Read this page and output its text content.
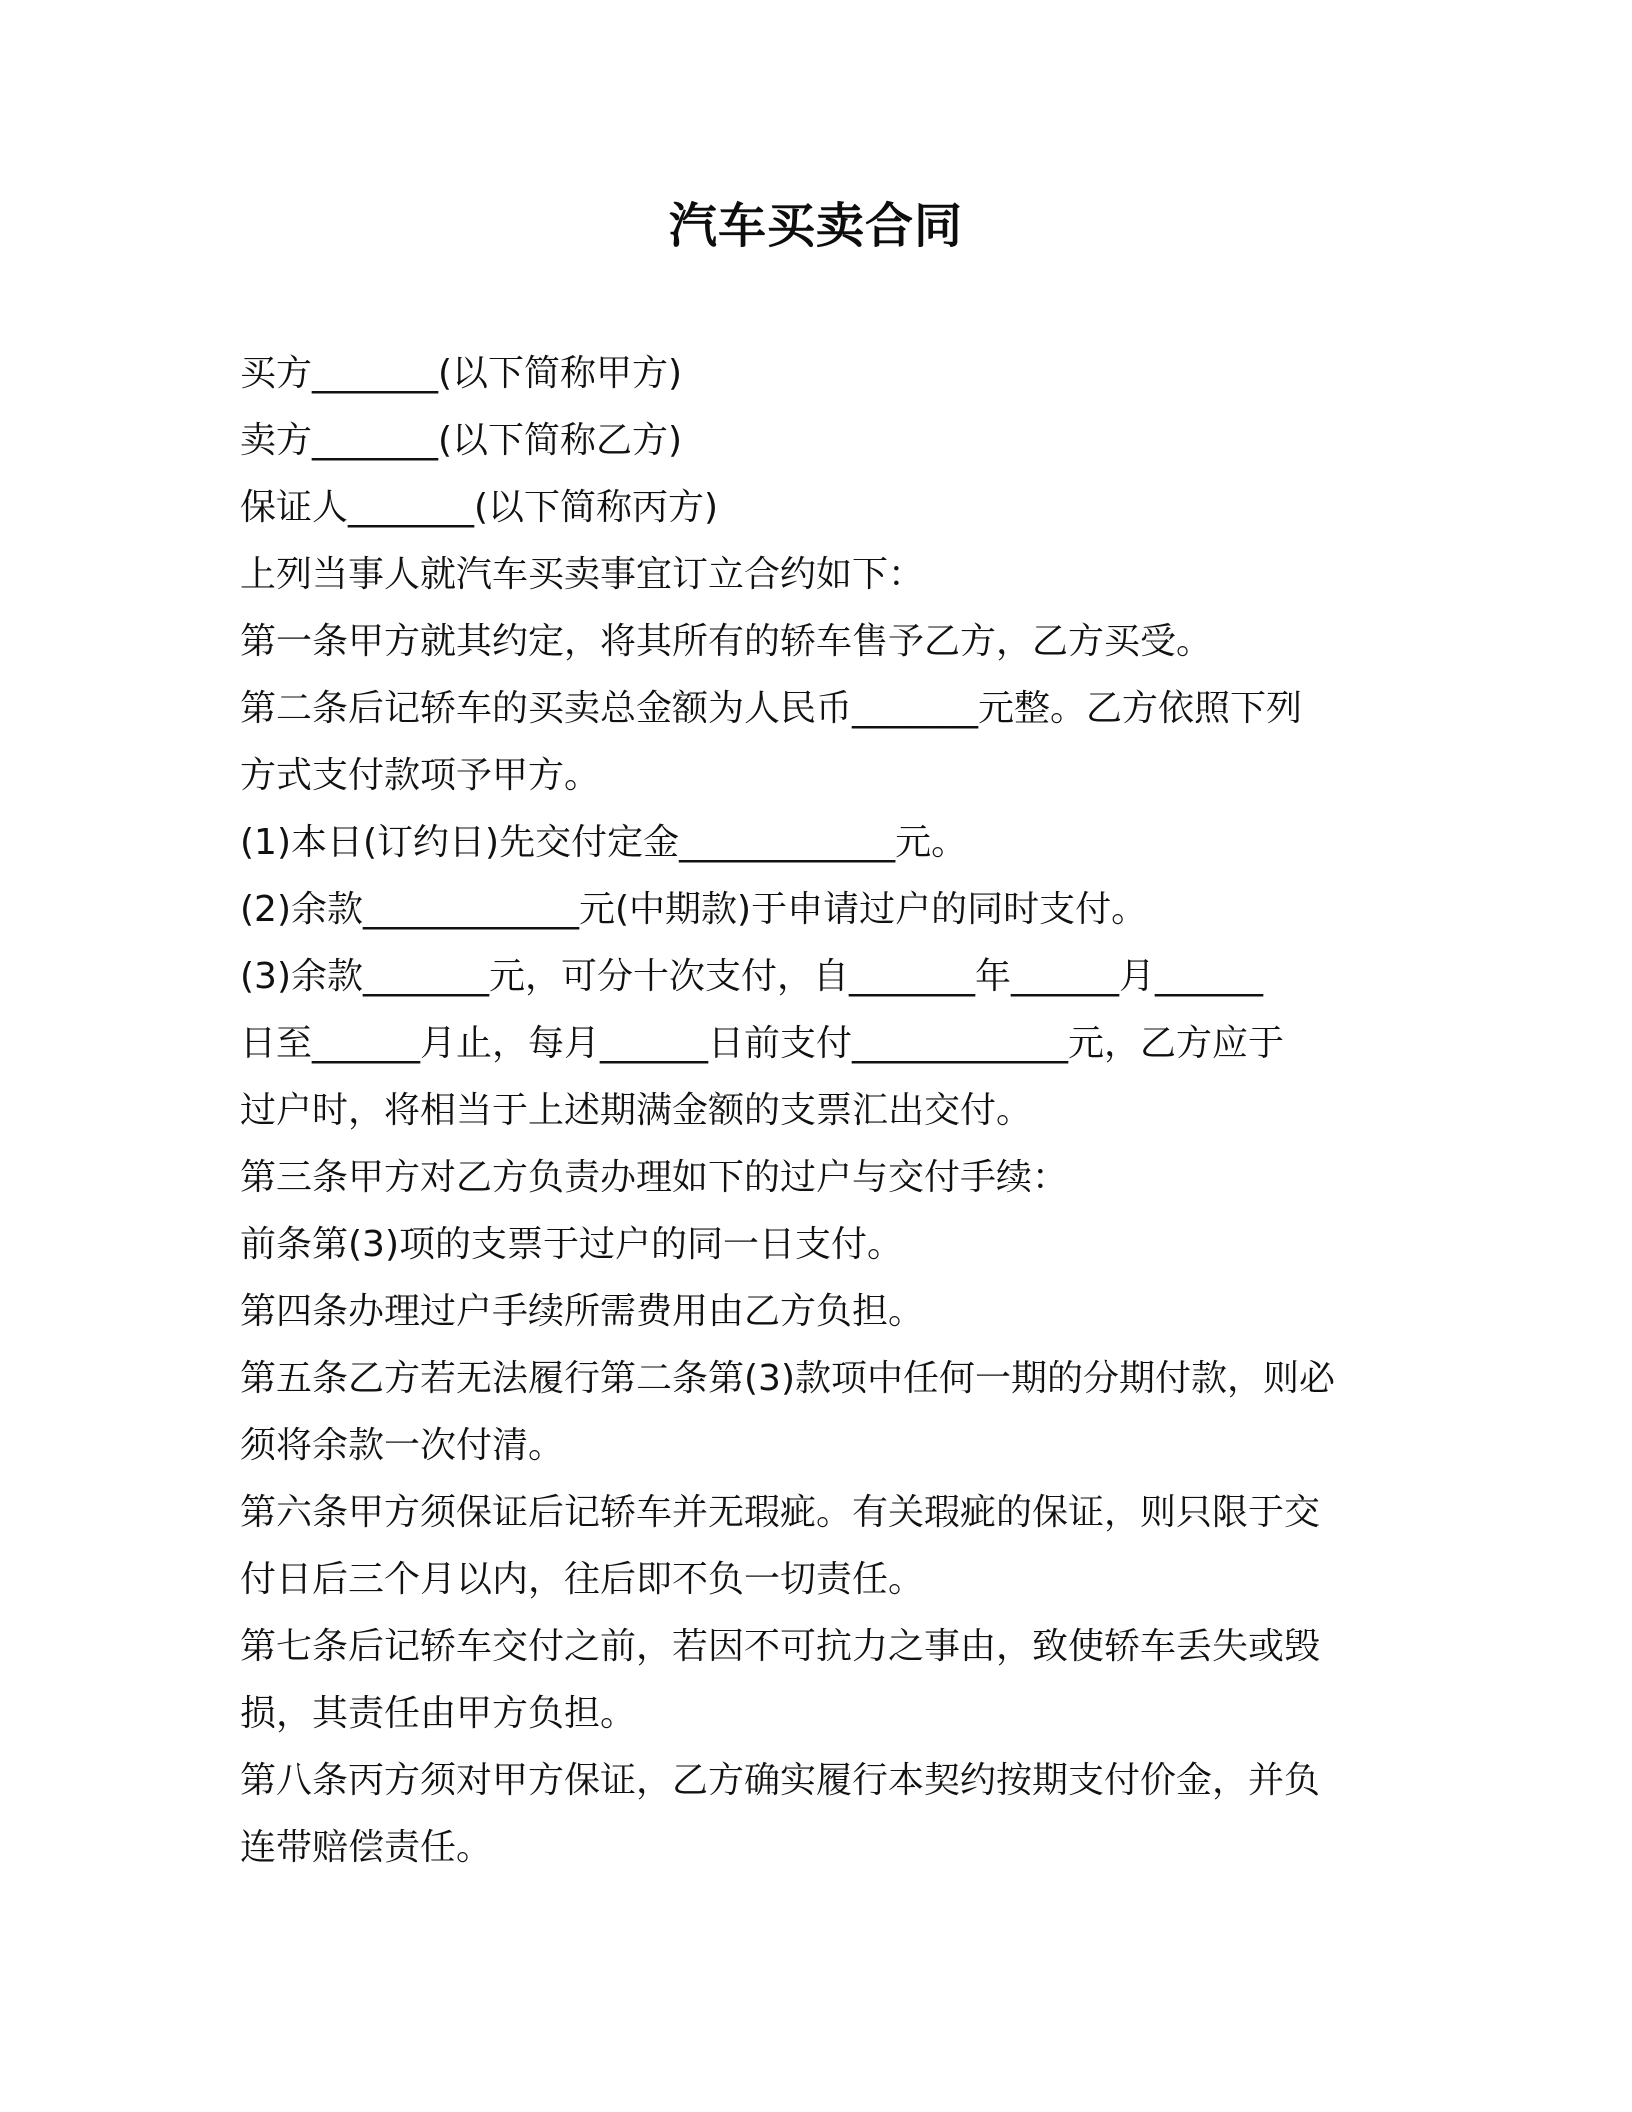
汽车买卖合同
买方_______(以下简称甲方)
卖方_______(以下简称乙方)
保证人_______(以下简称丙方)
上列当事人就汽车买卖事宜订立合约如下：
第一条甲方就其约定，将其所有的轿车售予乙方，乙方买受。
第二条后记轿车的买卖总金额为人民币_______元整。乙方依照下列
方式支付款项予甲方。
(1)本日(订约日)先交付定金____________元。
(2)余款____________元(中期款)于申请过户的同时支付。
(3)余款_______元，可分十次支付，自_______年______月______
日至______月止，每月______日前支付____________元，乙方应于
过户时，将相当于上述期满金额的支票汇出交付。
第三条甲方对乙方负责办理如下的过户与交付手续：
前条第(3)项的支票于过户的同一日支付。
第四条办理过户手续所需费用由乙方负担。
第五条乙方若无法履行第二条第(3)款项中任何一期的分期付款，则必
须将余款一次付清。
第六条甲方须保证后记轿车并无瑕疵。有关瑕疵的保证，则只限于交
付日后三个月以内，往后即不负一切责任。
第七条后记轿车交付之前，若因不可抗力之事由，致使轿车丢失或毁
损，其责任由甲方负担。
第八条丙方须对甲方保证，乙方确实履行本契约按期支付价金，并负
连带赔偿责任。
